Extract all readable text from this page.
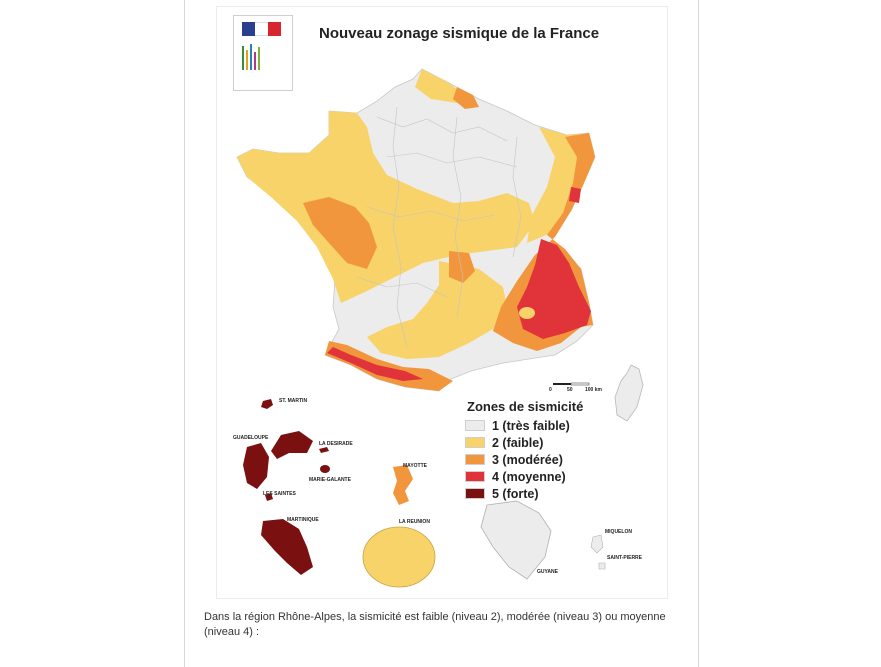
Nouveau zonage sismique de la France
0	50 100 km
ST. MARTIN
GUADELOUPE
LA DESIRADE
MARIE-GALANTE
LES SAINTES
MARTINIQUE
MAYOTTE
LA REUNION
GUYANE
MIQUELON
SAINT-PIERRE
Zones de sismicité
1 (très faible)
2 (faible)
3 (modérée)
4 (moyenne)
5 (forte)
Dans la région Rhône-Alpes, la sismicité est faible (niveau 2), modérée (niveau 3) ou moyenne (niveau 4) :
